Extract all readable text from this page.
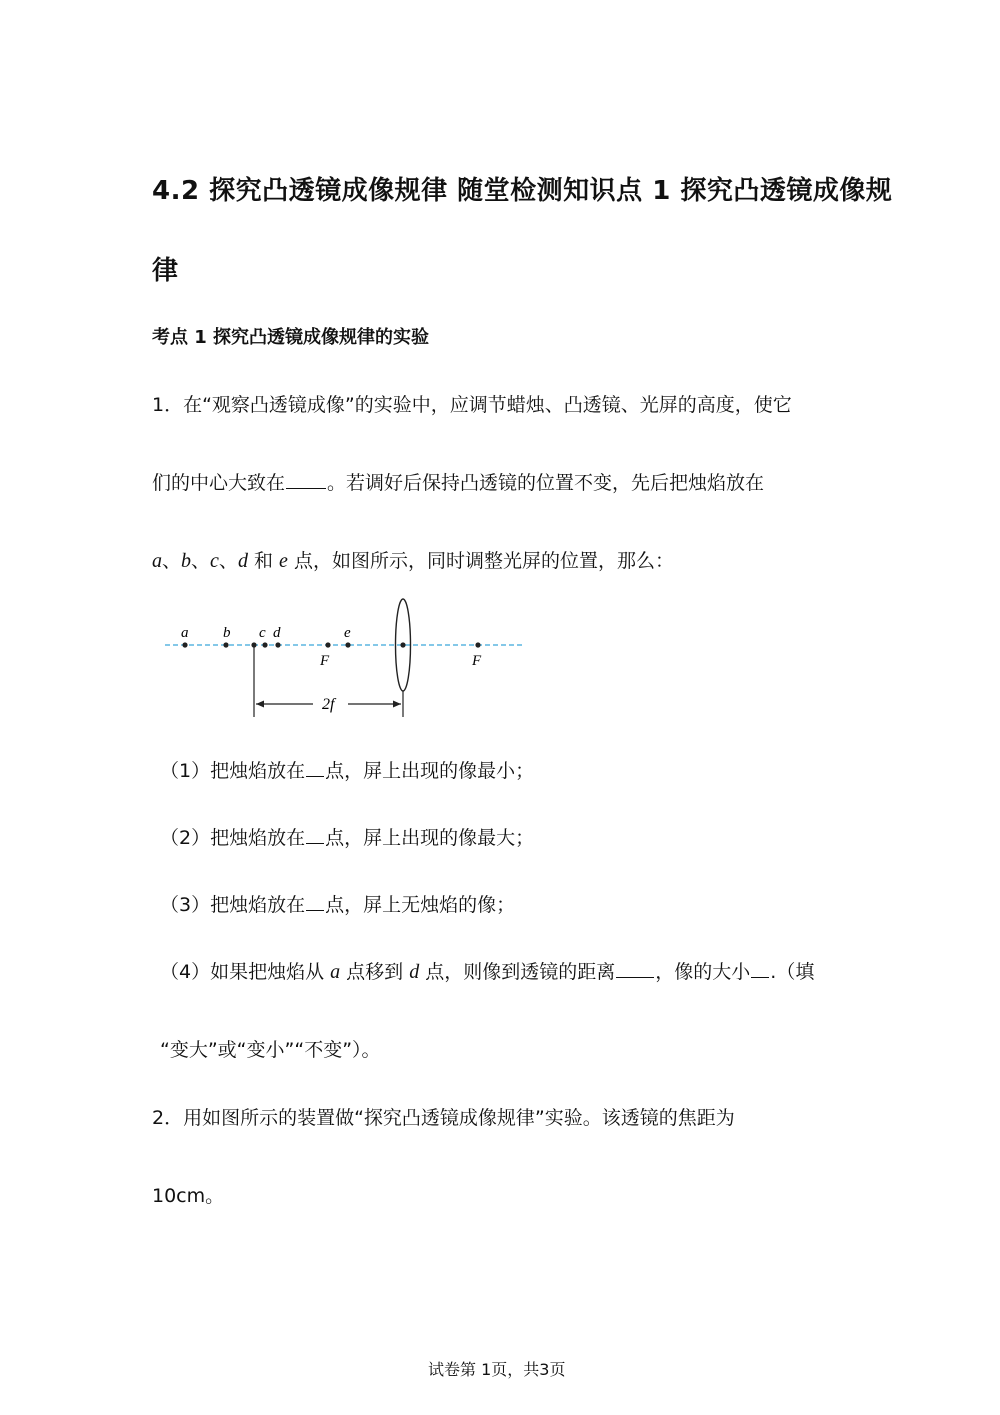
4.2 探究凸透镜成像规律 随堂检测知识点 1 探究凸透镜成像规
律
考点 1 探究凸透镜成像规律的实验
1．在“观察凸透镜成像”的实验中，应调节蜡烛、凸透镜、光屏的高度，使它
们的中心大致在 。若调好后保持凸透镜的位置不变，先后把烛焰放在
a、b、c、d 和 e 点，如图所示，同时调整光屏的位置，那么：
a b c d	e
F	F
2f
（1）把烛焰放在 点，屏上出现的像最小；
（2）把烛焰放在 点，屏上出现的像最大；
（3）把烛焰放在 点，屏上无烛焰的像；
（4）如果把烛焰从 a 点移到 d 点，则像到透镜的距离 ，像的大小 .（填
“变大”或“变小”“不变”）。
2．用如图所示的装置做“探究凸透镜成像规律”实验。该透镜的焦距为
10cm。
试卷第 1页，共3页
